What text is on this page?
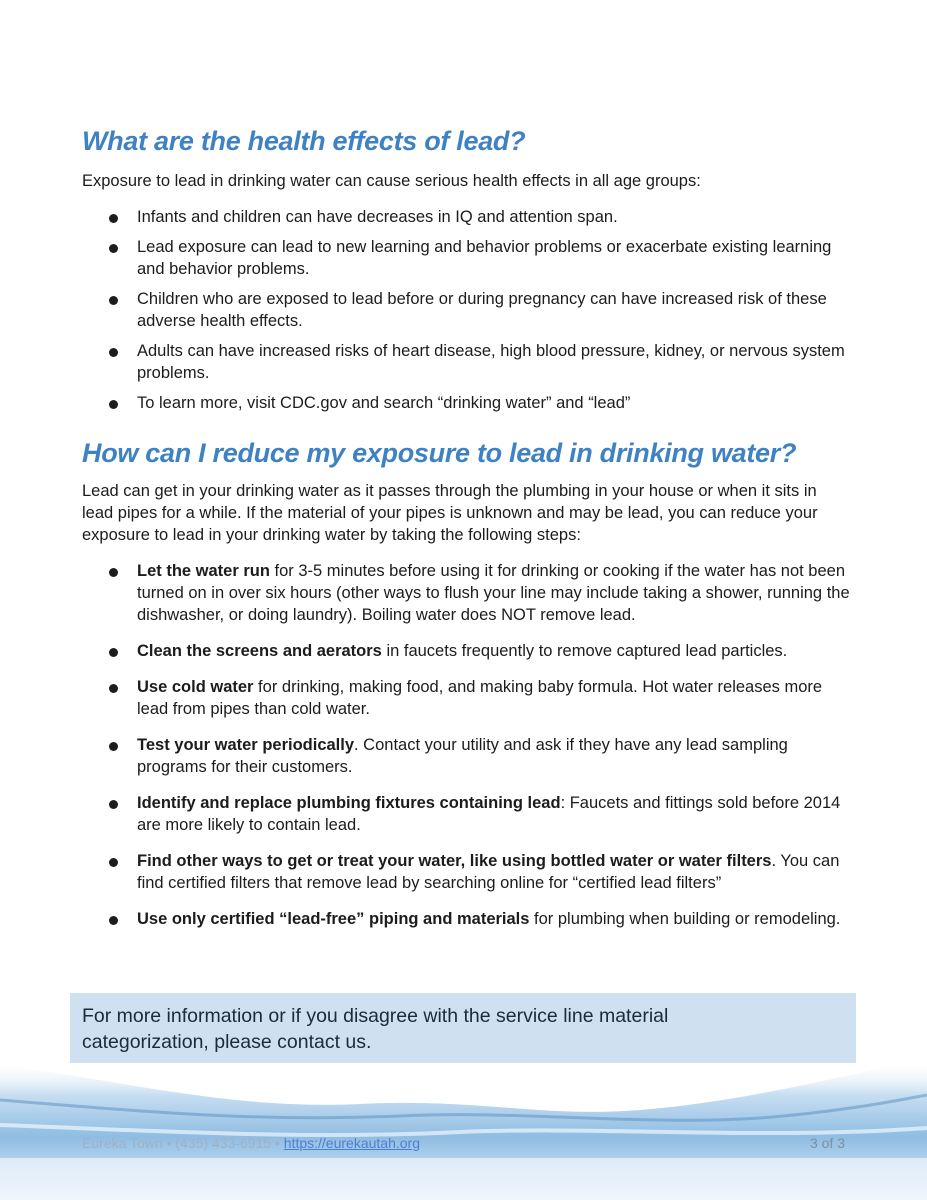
What are the health effects of lead?

Exposure to lead in drinking water can cause serious health effects in all age groups:

Infants and children can have decreases in IQ and attention span.
Lead exposure can lead to new learning and behavior problems or exacerbate existing learning and behavior problems.
Children who are exposed to lead before or during pregnancy can have increased risk of these adverse health effects.
Adults can have increased risks of heart disease, high blood pressure, kidney, or nervous system problems.
To learn more, visit CDC.gov and search “drinking water” and “lead”
How can I reduce my exposure to lead in drinking water?

Lead can get in your drinking water as it passes through the plumbing in your house or when it sits in lead pipes for a while. If the material of your pipes is unknown and may be lead, you can reduce your exposure to lead in your drinking water by taking the following steps:

Let the water run for 3-5 minutes before using it for drinking or cooking if the water has not been turned on in over six hours (other ways to flush your line may include taking a shower, running the dishwasher, or doing laundry). Boiling water does NOT remove lead.
Clean the screens and aerators in faucets frequently to remove captured lead particles.
Use cold water for drinking, making food, and making baby formula. Hot water releases more lead from pipes than cold water.
Test your water periodically. Contact your utility and ask if they have any lead sampling programs for their customers.
Identify and replace plumbing fixtures containing lead: Faucets and fittings sold before 2014 are more likely to contain lead.
Find other ways to get or treat your water, like using bottled water or water filters. You can find certified filters that remove lead by searching online for “certified lead filters”
Use only certified “lead-free” piping and materials for plumbing when building or remodeling.
For more information or if you disagree with the service line material categorization, please contact us.
Eureka Town • (435) 433-6915 • https://eurekautah.org	3 of 3
